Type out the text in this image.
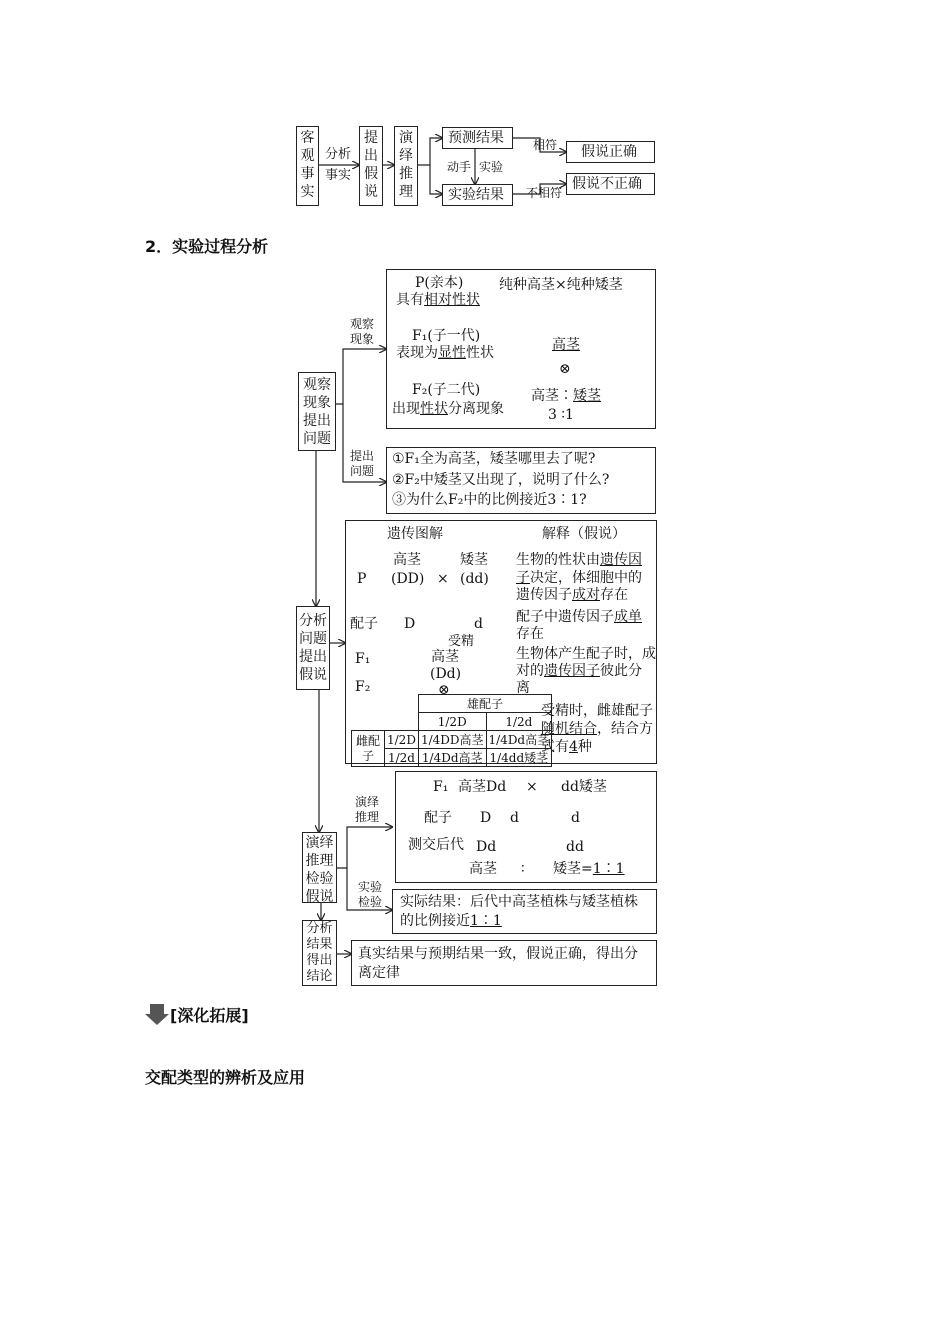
客观事实
分析
事实
提出假说
演绎推理
预测结果
动手 实验
实验结果
相符
不相符
假说正确
假说不正确
2．实验过程分析
观察现象提出问题
分析问题提出假说
演绎推理检验假说
分析结果得出结论
观察
现象
提出
问题
演绎
推理
实验
检验
P(亲本)
具有相对性状
纯种高茎×纯种矮茎
F₁(子一代)
表现为显性性状	高茎
⊗
F₂(子二代)
出现性状分离现象
高茎∶矮茎
3 ∶1
①F₁全为高茎，矮茎哪里去了呢?
②F₂中矮茎又出现了，说明了什么?
③为什么F₂中的比例接近3∶1?
遗传图解	解释（假说）
P
高茎	矮茎
(DD) × (dd)
配子 D	d
受精
F₁	高茎
(Dd)
F₂	⊗
生物的性状由遗传因
子决定，体细胞中的
遗传因子成对存在
配子中遗传因子成单
存在
生物体产生配子时，成
对的遗传因子彼此分
离
受精时，雌雄配子
随机结合，结合方
式有4种
		雄配子	
		1/2D	1/2d
雌配子	1/2D	1/4DD高茎	1/4Dd高茎
	1/2d	1/4Dd高茎	1/4dd矮茎
F₁ 高茎Dd × dd矮茎
配子 D d	d
测交后代 Dd	dd
高茎 ∶ 矮茎=1∶1
实际结果：后代中高茎植株与矮茎植株
的比例接近1∶1
真实结果与预期结果一致，假说正确，得出分
离定律
[深化拓展]
交配类型的辨析及应用
